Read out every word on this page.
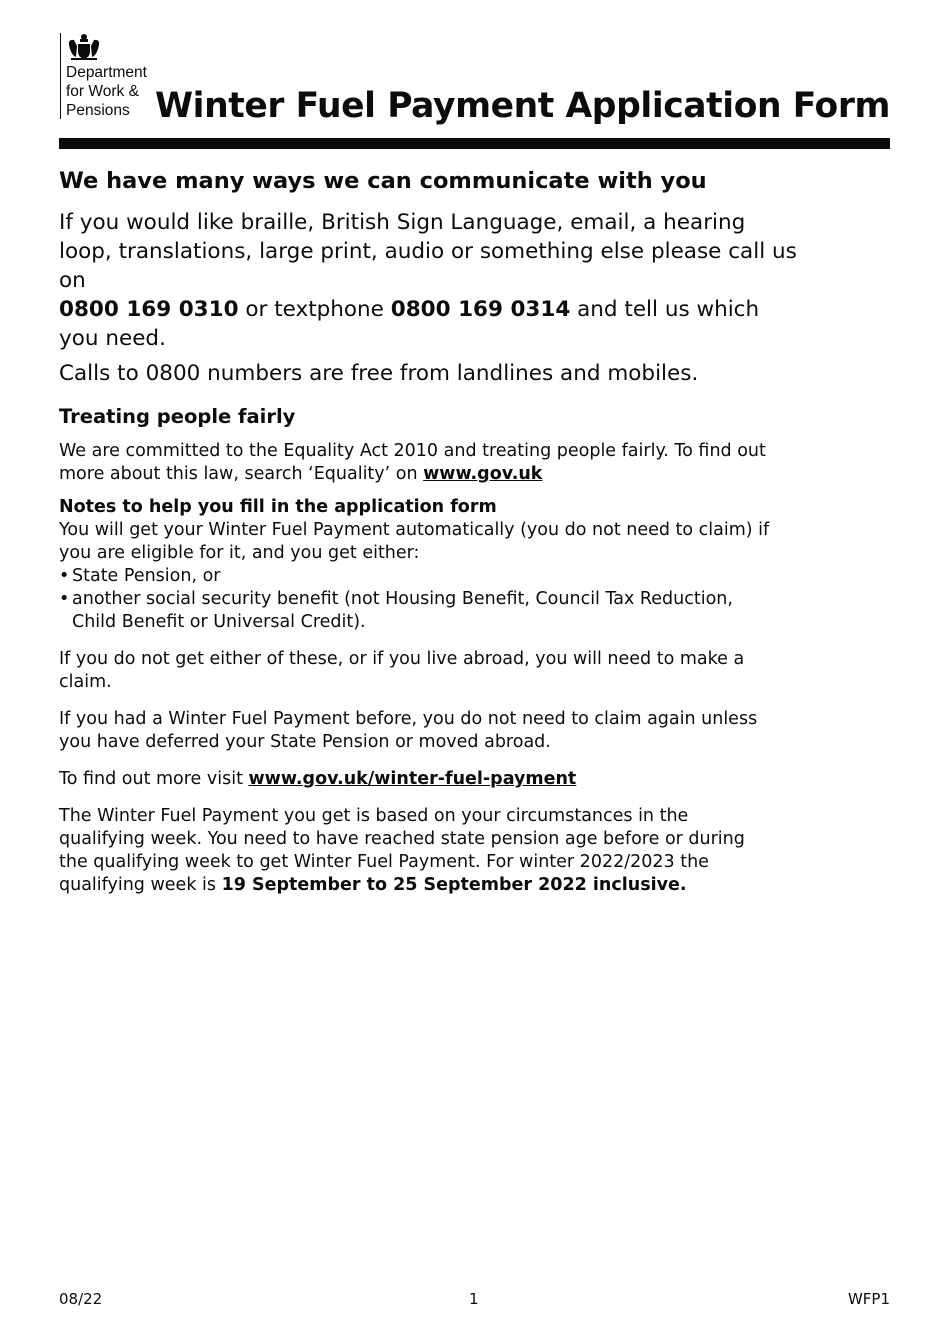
Department
for Work &
Pensions Winter Fuel Payment Application Form
We have many ways we can communicate with you

If you would like braille, British Sign Language, email, a hearing loop, translations, large print, audio or something else please call us on
0800 169 0310 or textphone 0800 169 0314 and tell us which you need.

Calls to 0800 numbers are free from landlines and mobiles.

Treating people fairly

We are committed to the Equality Act 2010 and treating people fairly. To find out more about this law, search ‘Equality’ on www.gov.uk

Notes to help you fill in the application form

You will get your Winter Fuel Payment automatically (you do not need to claim) if you are eligible for it, and you get either:

• State Pension, or
• another social security benefit (not Housing Benefit, Council Tax Reduction, Child Benefit or Universal Credit).

If you do not get either of these, or if you live abroad, you will need to make a claim.

If you had a Winter Fuel Payment before, you do not need to claim again unless you have deferred your State Pension or moved abroad.

To find out more visit www.gov.uk/winter-fuel-payment

The Winter Fuel Payment you get is based on your circumstances in the qualifying week. You need to have reached state pension age before or during the qualifying week to get Winter Fuel Payment. For winter 2022/2023 the qualifying week is 19 September to 25 September 2022 inclusive.

08/22	1	WFP1
